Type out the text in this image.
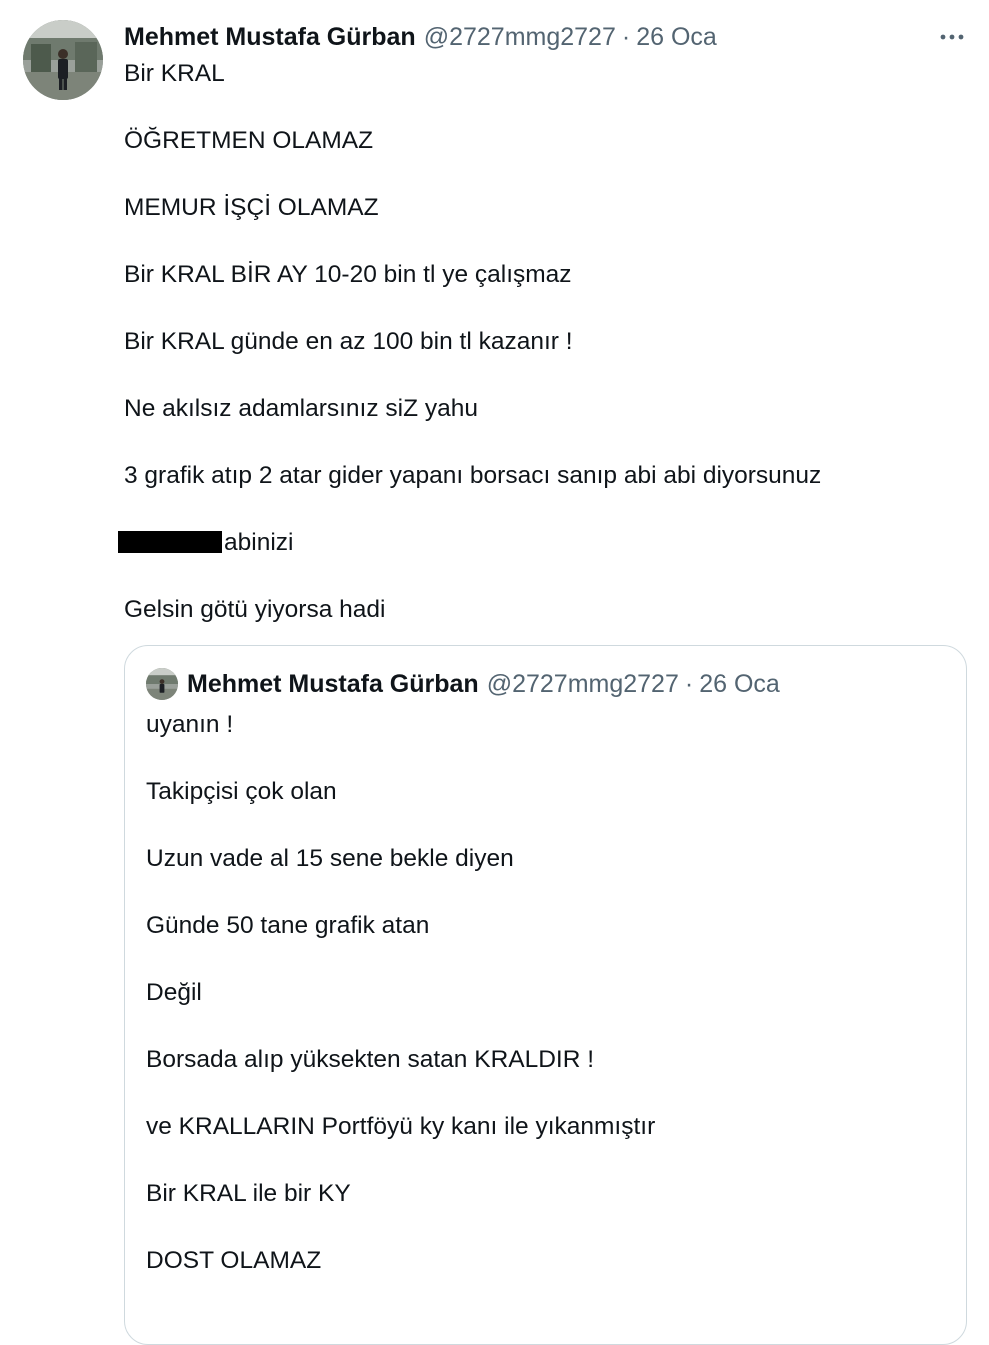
Mehmet Mustafa Gürban @2727mmg2727 · 26 Oca
Bir KRAL
ÖĞRETMEN OLAMAZ
MEMUR İŞÇİ OLAMAZ
Bir KRAL BİR AY 10-20 bin tl ye çalışmaz
Bir KRAL günde en az 100 bin tl kazanır !
Ne akılsız adamlarsınız siZ yahu
3 grafik atıp 2 atar gider yapanı borsacı sanıp abi abi diyorsunuz
abinizi
Gelsin götü yiyorsa hadi
Mehmet Mustafa Gürban @2727mmg2727 · 26 Oca
uyanın !
Takipçisi çok olan
Uzun vade al 15 sene bekle diyen
Günde 50 tane grafik atan
Değil
Borsada alıp yüksekten satan KRALDIR !
ve KRALLARIN Portföyü ky kanı ile yıkanmıştır
Bir KRAL ile bir KY
DOST OLAMAZ
